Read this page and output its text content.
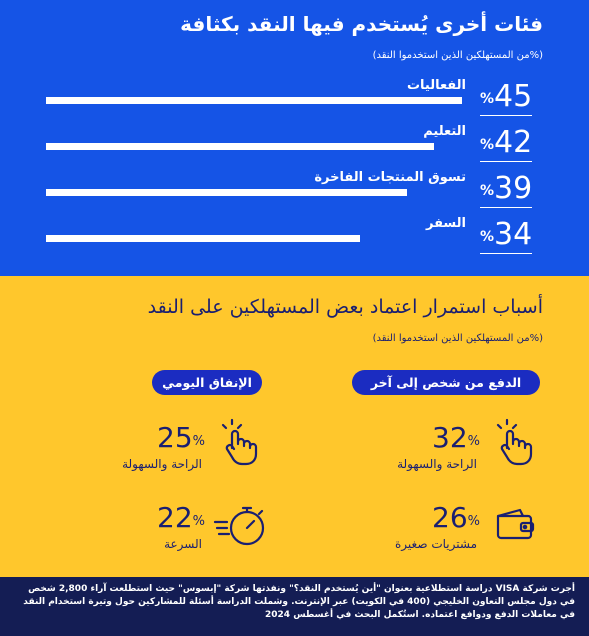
فئات أخرى يُستخدم فيها النقد بكثافة
(%من المستهلكين الذين استخدموا النقد)
الفعاليات
%45
التعليم
%42
تسوق المنتجات الفاخرة
%39
السفر
%34
أسباب استمرار اعتماد بعض المستهلكين على النقد
(%من المستهلكين الذين استخدموا النقد)
الدفع من شخص إلى آخر
الإنفاق اليومي
32%
الراحة والسهولة
26%
مشتريات صغيرة
25%
الراحة والسهولة
22%
السرعة
أجرت شركة VISA دراسة استطلاعية بعنوان "أين يُستخدم النقد؟" ونفذتها شركة "إبسوس" حيث استطلعت آراء 2,800 شخص في دول مجلس التعاون الخليجي (400 في الكويت) عبر الإنترنت. وشملت الدراسة أسئلة للمشاركين حول وتيرة استخدام النقد في معاملات الدفع ودوافع اعتماده. استُكمل البحث في أغسطس 2024
